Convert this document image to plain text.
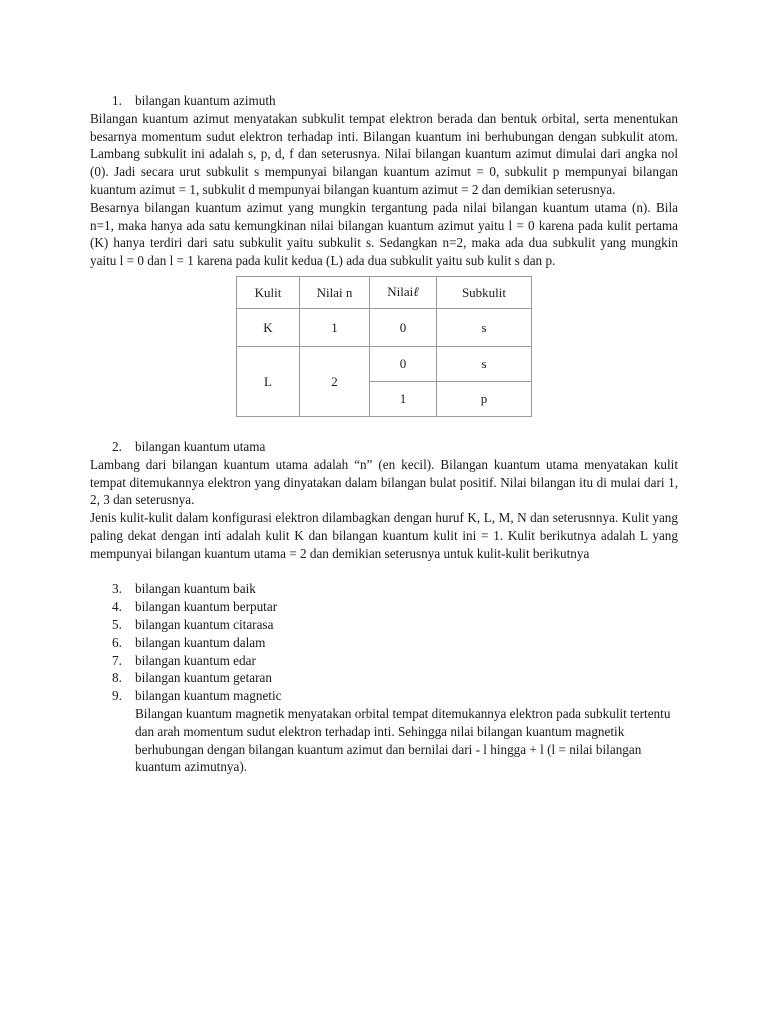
1. bilangan kuantum azimuth
Bilangan kuantum azimut menyatakan subkulit tempat elektron berada dan bentuk orbital, serta menentukan besarnya momentum sudut elektron terhadap inti. Bilangan kuantum ini berhubungan dengan subkulit atom. Lambang subkulit ini adalah s, p, d, f dan seterusnya. Nilai bilangan kuantum azimut dimulai dari angka nol (0). Jadi secara urut subkulit s mempunyai bilangan kuantum azimut = 0, subkulit p mempunyai bilangan kuantum azimut = 1, subkulit d mempunyai bilangan kuantum azimut = 2 dan demikian seterusnya.
Besarnya bilangan kuantum azimut yang mungkin tergantung pada nilai bilangan kuantum utama (n). Bila n=1, maka hanya ada satu kemungkinan nilai bilangan kuantum azimut yaitu l = 0 karena pada kulit pertama (K) hanya terdiri dari satu subkulit yaitu subkulit s. Sedangkan n=2, maka ada dua subkulit yang mungkin yaitu l = 0 dan l = 1 karena pada kulit kedua (L) ada dua subkulit yaitu sub kulit s dan p.
Kulit	Nilai n	Nilaiℓ	Subkulit
K	1	0	s
L	2	0	s
		1	p
2. bilangan kuantum utama
Lambang dari bilangan kuantum utama adalah “n” (en kecil). Bilangan kuantum utama menyatakan kulit tempat ditemukannya elektron yang dinyatakan dalam bilangan bulat positif. Nilai bilangan itu di mulai dari 1, 2, 3 dan seterusnya.
Jenis kulit-kulit dalam konfigurasi elektron dilambagkan dengan huruf K, L, M, N dan seterusnnya. Kulit yang paling dekat dengan inti adalah kulit K dan bilangan kuantum kulit ini = 1. Kulit berikutnya adalah L yang mempunyai bilangan kuantum utama = 2 dan demikian seterusnya untuk kulit-kulit berikutnya
3. bilangan kuantum baik
4. bilangan kuantum berputar
5. bilangan kuantum citarasa
6. bilangan kuantum dalam
7. bilangan kuantum edar
8. bilangan kuantum getaran
9. bilangan kuantum magnetic
Bilangan kuantum magnetik menyatakan orbital tempat ditemukannya elektron pada subkulit tertentu dan arah momentum sudut elektron terhadap inti. Sehingga nilai bilangan kuantum magnetik berhubungan dengan bilangan kuantum azimut dan bernilai dari - l hingga + l (l = nilai bilangan kuantum azimutnya).
